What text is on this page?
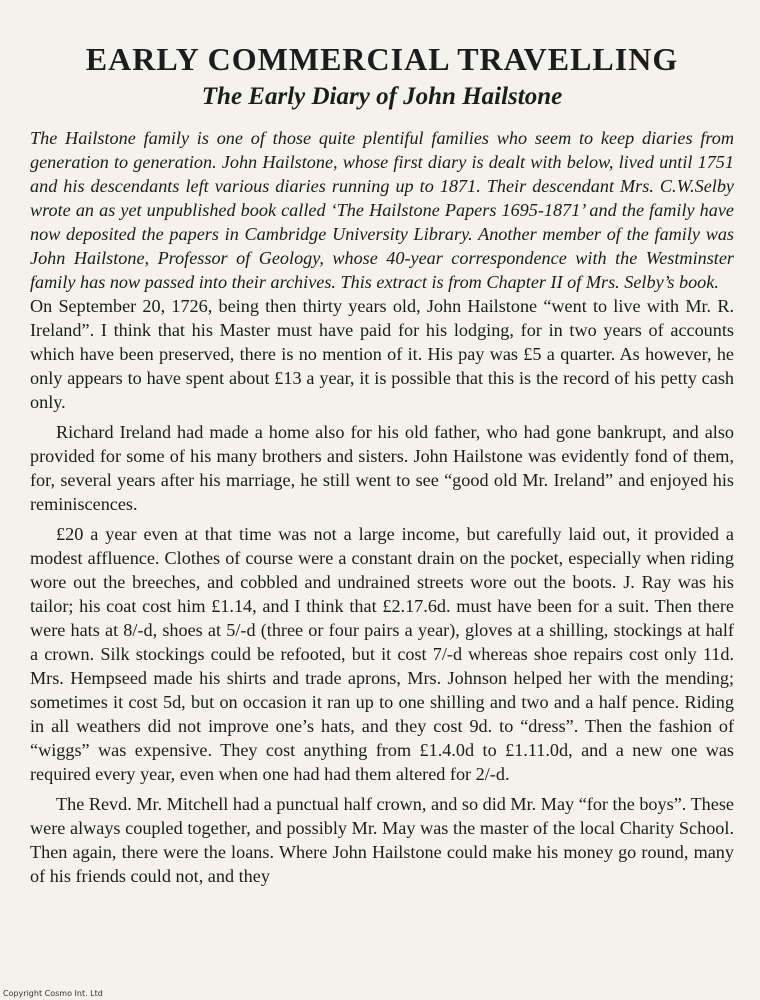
EARLY COMMERCIAL TRAVELLING
The Early Diary of John Hailstone

The Hailstone family is one of those quite plentiful families who seem to keep diaries from generation to generation. John Hailstone, whose first diary is dealt with below, lived until 1751 and his descendants left various diaries running up to 1871. Their descendant Mrs. C.W.Selby wrote an as yet unpublished book called ‘The Hailstone Papers 1695-1871’ and the family have now deposited the papers in Cambridge University Library. Another member of the family was John Hailstone, Professor of Geology, whose 40-year correspondence with the Westminster family has now passed into their archives. This extract is from Chapter II of Mrs. Selby’s book.

On September 20, 1726, being then thirty years old, John Hailstone “went to live with Mr. R. Ireland”. I think that his Master must have paid for his lodging, for in two years of accounts which have been preserved, there is no mention of it. His pay was £5 a quarter. As however, he only appears to have spent about £13 a year, it is possible that this is the record of his petty cash only.

Richard Ireland had made a home also for his old father, who had gone bankrupt, and also provided for some of his many brothers and sisters. John Hailstone was evidently fond of them, for, several years after his marriage, he still went to see “good old Mr. Ireland” and enjoyed his reminiscences.

£20 a year even at that time was not a large income, but carefully laid out, it provided a modest affluence. Clothes of course were a constant drain on the pocket, especially when riding wore out the breeches, and cobbled and undrained streets wore out the boots. J. Ray was his tailor; his coat cost him £1.14, and I think that £2.17.6d. must have been for a suit. Then there were hats at 8/-d, shoes at 5/-d (three or four pairs a year), gloves at a shilling, stockings at half a crown. Silk stockings could be refooted, but it cost 7/-d whereas shoe repairs cost only 11d. Mrs. Hempseed made his shirts and trade aprons, Mrs. Johnson helped her with the mending; sometimes it cost 5d, but on occasion it ran up to one shilling and two and a half pence. Riding in all weathers did not improve one’s hats, and they cost 9d. to “dress”. Then the fashion of “wiggs” was expensive. They cost anything from £1.4.0d to £1.11.0d, and a new one was required every year, even when one had had them altered for 2/-d.

The Revd. Mr. Mitchell had a punctual half crown, and so did Mr. May “for the boys”. These were always coupled together, and possibly Mr. May was the master of the local Charity School. Then again, there were the loans. Where John Hailstone could make his money go round, many of his friends could not, and they

Copyright Cosmo Int. Ltd
